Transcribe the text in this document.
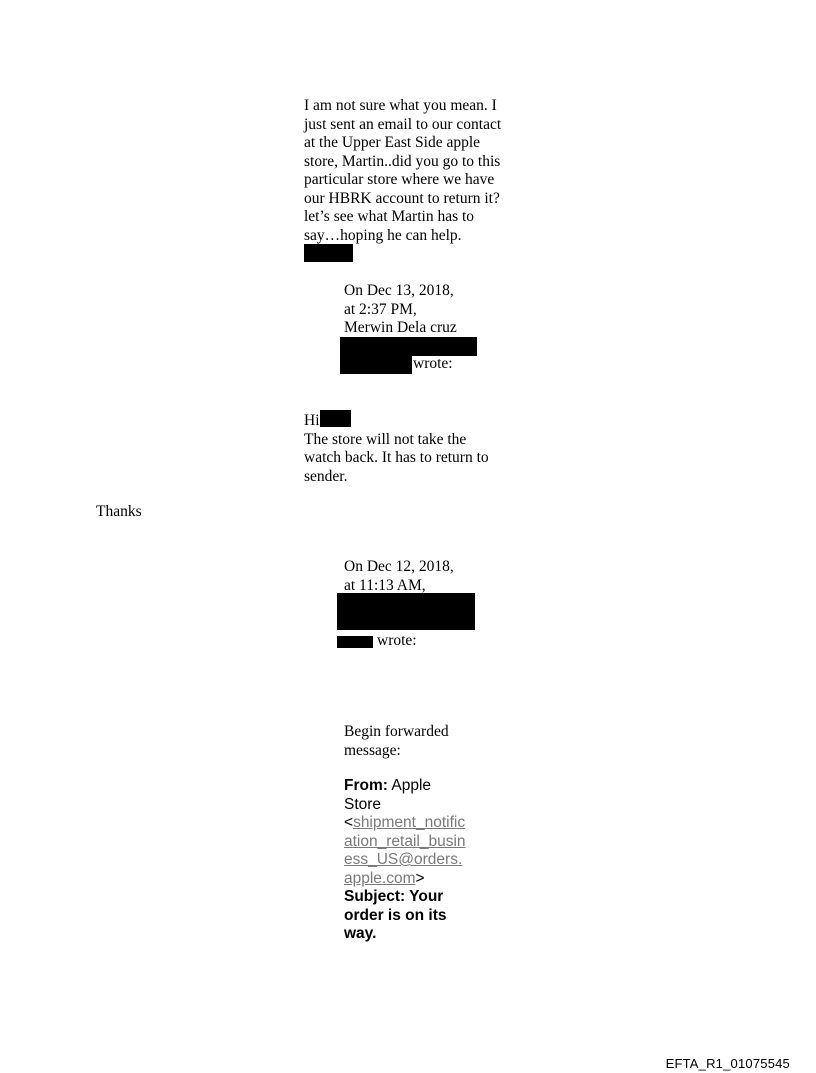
I am not sure what you mean. I
just sent an email to our contact
at the Upper East Side apple
store, Martin..did you go to this
particular store where we have
our HBRK account to return it?
let’s see what Martin has to
say…hoping he can help.
On Dec 13, 2018,
at 2:37 PM,
Merwin Dela cruz
wrote:
Hi
The store will not take the
watch back. It has to return to
sender.
Thanks
On Dec 12, 2018,
at 11:13 AM,
wrote:
Begin forwarded
message:
From: Apple
Store
<shipment_notific
ation_retail_busin
ess_US@orders.
apple.com>
Subject: Your
order is on its
way.
EFTA_R1_01075545
